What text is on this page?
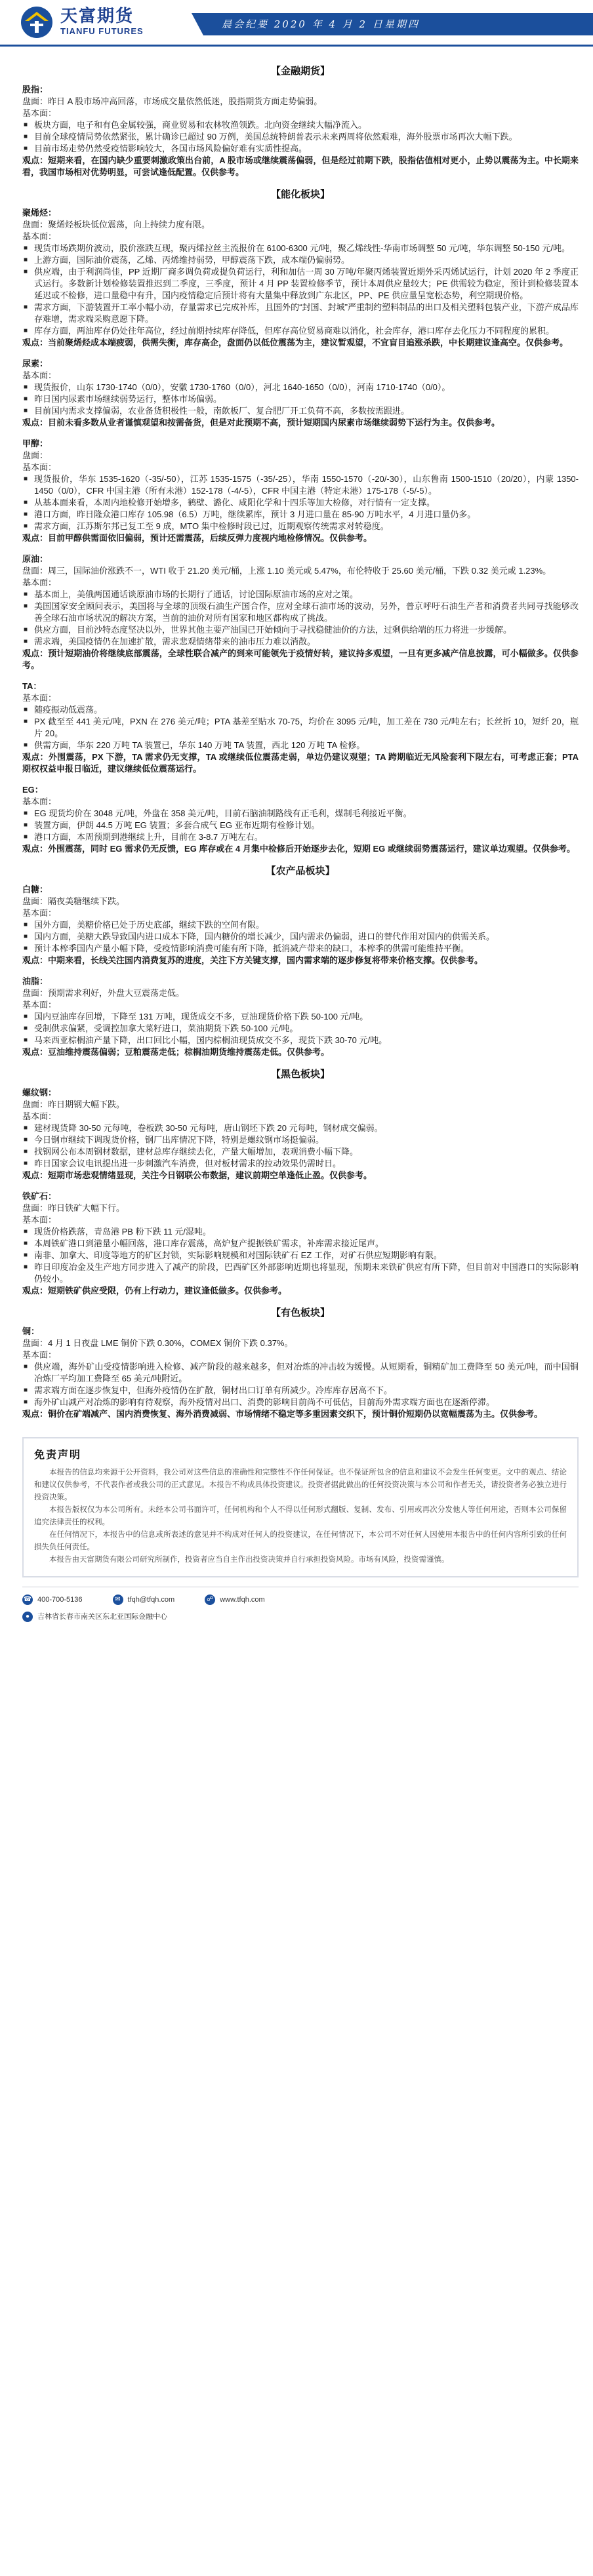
天富期货
TIANFU FUTURES
晨会纪要 2020 年 4 月 2 日星期四
【金融期货】
股指：
盘面：昨日 A 股市场冲高回落，市场成交量依然低迷，股指期货方面走势偏弱。
基本面：
■ 板块方面，电子和有色金属较强，商业贸易和农林牧渔领跌。北向资金继续大幅净流入。
■ 目前全球疫情局势依然紧张，累计确诊已超过 90 万例，美国总统特朗普表示未来两周将依然艰难，海外股票市场再次大幅下跌。
■ 目前市场走势仍然受疫情影响较大，各国市场风险偏好难有实质性提高。
观点：短期来看，在国内缺少重要刺激政策出台前，A 股市场或继续震荡偏弱，但是经过前期下跌，股指估值相对更小，止势以震荡为主。中长期来看，我国市场相对优势明显，可尝试逢低配置。仅供参考。
【能化板块】
聚烯烃：
盘面：聚烯烃板块低位震荡，向上持续力度有限。
基本面：
■ 现货市场跌期价波动，股价涨跌互现，聚丙烯拉丝主流报价在 6100-6300 元/吨，聚乙烯线性-华南市场调整 50 元/吨，华东调整 50-150 元/吨。
■ 上游方面，国际油价震荡，乙烯、丙烯维持弱势，甲醇震荡下跌，成本端仍偏弱势。
■ 供应端，由于利润尚佳，PP 近期厂商多调负荷或提负荷运行，利和加估一周 30 万吨/年聚丙烯装置近期外采丙烯试运行，计划 2020 年 2 季度正式运行。多数新计划检修装置推迟到二季度，三季度，预计 4 月 PP 装置检修季节，预计本周供应量较大；PE 供需较为稳定，预计到检修装置本延迟或不检修，进口量稳中有升，国内疫情稳定后预计将有大量集中释放到广东北区，PP、PE 供应量呈宽松态势，利空期现价格。
■ 需求方面，下游装置开工率小幅小动，存量需求已完成补库，且国外的“封国、封城”严重制约塑料制品的出口及相关塑料包装产业，下游产成品库存难增，需求端采购意愿下降。
■ 库存方面，两油库存仍处往年高位，经过前期持续库存降低，但库存高位贸易商难以消化，社会库存，港口库存去化压力不同程度的累积。
观点：当前聚烯烃成本端疲弱，供需失衡，库存高企，盘面仍以低位震荡为主，建议暂观望，不宜盲目追涨杀跌，中长期建议逢高空。仅供参考。
尿素：
基本面：
■ 现货报价，山东 1730-1740（0/0），安徽 1730-1760（0/0），河北 1640-1650（0/0），河南 1710-1740（0/0）。
■ 昨日国内尿素市场继续弱势运行，整体市场偏弱。
■ 目前国内需求支撑偏弱，农业备货积极性一般，南飲板厂、复合肥厂开工负荷不高，多数按需跟进。
观点：目前未看多数从业者谨慎观望和按需备货，但是对此预期不高，预计短期国内尿素市场继续弱势下运行为主。仅供参考。
甲醇：
盘面：
基本面：
■ 现货报价，华东 1535-1620（-35/-50），江苏 1535-1575（-35/-25），华南 1550-1570（-20/-30），山东鲁南 1500-1510（20/20），内蒙 1350-1450（0/0），CFR 中国主港（所有未港）152-178（-4/-5），CFR 中国主港（特定未港）175-178（-5/-5）。
■ 从基本面来看，本周内地检修开始增多，鹤壁、潞化、咸阳化学和十四乐等加大检修，对行情有一定支撑。
■ 港口方面，昨日隆众港口库存 105.98（6.5）万吨，继续累库，预计 3 月进口量在 85-90 万吨水平，4 月进口量仍多。
■ 需求方面，江苏斯尔邦已复工至 9 成，MTO 集中检修时段已过，近期观察传统需求对转稳度。
观点：目前甲醇供需面依旧偏弱，预计还需震荡，后续反弹力度视内地检修情况。仅供参考。
原油：
盘面：周三，国际油价涨跌不一，WTI 收于 21.20 美元/桶，上涨 1.10 美元或 5.47%，布伦特收于 25.60 美元/桶，下跌 0.32 美元或 1.23%。
基本面：
■ 基本面上，美俄两国通话谈原油市场的长期行了通话，讨论国际原油市场的应对之策。
■ 美国国家安全顾问表示，美国将与全球的顶级石油生产国合作，应对全球石油市场的波动，另外，普京呼吁石油生产者和消费者共同寻找能够改善全球石油市场状况的解决方案，当前的油价对所有国家和地区都构成了挑战。
■ 供应方面，目前沙特态度坚决以外，世界其他主要产油国已开始倾向于寻找稳健油价的方法，过剩供给端的压力将进一步缓解。
■ 需求端，美国疫情仍在加速扩散，需求悲观情绪带来的油市压力难以消散。
观点：预计短期油价将继续底部震荡，全球性联合减产的到来可能领先于疫情好转，建议持多观望，一旦有更多减产信息披露，可小幅做多。仅供参考。
TA：
基本面：
■ 随疫振动低震荡。
■ PX 截至至 441 美元/吨，PXN 在 276 美元/吨；PTA 基差至贴水 70-75，均价在 3095 元/吨，加工差在 730 元/吨左右；长丝折 10，短纤 20，瓶片 20。
■ 供需方面，华东 220 万吨 TA 装置已，华东 140 万吨 TA 装置，西北 120 万吨 TA 检修。
观点：外围震荡，PX 下游，TA 需求仍无支撑，TA 或继续低位震荡走弱，单边仍建议观望；TA 跨期临近无风险套利下限左右，可考虑正套；PTA 期权权益申报日临近，建议继续低位震荡运行。
EG：
基本面：
■ EG 现货均价在 3048 元/吨，外盘在 358 美元/吨，目前石脑油制路线有正毛利，煤制毛利接近平衡。
■ 装置方面，伊朗 44.5 万吨 EG 装置；多套合成气 EG 亚布近期有检修计划。
■ 港口方面，本周预期到港继续上升，目前在 3-8.7 万吨左右。
观点：外围震荡，同时 EG 需求仍无反馈，EG 库存或在 4 月集中检修后开始逐步去化，短期 EG 或继续弱势震荡运行，建议单边观望。仅供参考。
【农产品板块】
白糖：
盘面：隔夜美糖继续下跌。
基本面：
■ 国外方面，美糖价格已处于历史底部，继续下跌的空间有限。
■ 国内方面，美糖大跌导致国内进口成本下降，国内糖价的增长减少，国内需求仍偏弱，进口的替代作用对国内的供需关系。
■ 预计本榨季国内产量小幅下降，受疫情影响消费可能有所下降，抵消减产带来的缺口，本榨季的供需可能维持平衡。
观点：中期来看，长线关注国内消费复苏的进度，关注下方关键支撑，国内需求端的逐步修复将带来价格支撑。仅供参考。
油脂：
盘面：预期需求利好，外盘大豆震荡走低。
基本面：
■ 国内豆油库存回增，下降至 131 万吨，现货成交不多，豆油现货价格下跌 50-100 元/吨。
■ 受制供求偏紧，受调控加拿大菜籽进口，菜油期货下跌 50-100 元/吨。
■ 马来西亚棕榈油产量下降，出口回比小幅，国内棕榈油现货成交不多，现货下跌 30-70 元/吨。
观点：豆油维持震荡偏弱；豆粕震荡走低；棕榈油期货维持震荡走低。仅供参考。
【黑色板块】
螺纹钢：
盘面：昨日期钢大幅下跌。
基本面：
■ 建材现货降 30-50 元每吨，卷板跌 30-50 元每吨，唐山钢坯下跌 20 元每吨，钢材成交偏弱。
■ 今日钢市继续下调现货价格，钢厂出库情况下降，特别是螺纹钢市场挺偏弱。
■ 找钢网公布本周钢材数据，建材总库存继续去化，产量大幅增加，表观消费小幅下降。
■ 昨日国家会议电讯提出进一步刺激汽车消费，但对板材需求的拉动效果仍需时日。
观点：短期市场悲观情绪显现，关注今日钢联公布数据，建议前期空单逢低止盈。仅供参考。
铁矿石：
盘面：昨日铁矿大幅下行。
基本面：
■ 现货价格跌落，青岛港 PB 粉下跌 11 元/湿吨。
■ 本周铁矿港口到港量小幅回落，港口库存震荡，高炉复产提振铁矿需求，补库需求接近尾声。
■ 南非、加拿大、印度等地方的矿区封锁，实际影响规模和对国际铁矿石 EZ 工作，对矿石供应短期影响有限。
■ 昨日印度冶金及生产地方同步进入了减产的阶段，巴西矿区外部影响近期也将显现，预期未来铁矿供应有所下降，但目前对中国港口的实际影响仍较小。
观点：短期铁矿供应受限，仍有上行动力，建议逢低做多。仅供参考。
【有色板块】
铜：
盘面：4 月 1 日夜盘 LME 铜价下跌 0.30%，COMEX 铜价下跌 0.37%。
基本面：
■ 供应端，海外矿山受疫情影响进入检修、减产阶段的越来越多，但对冶炼的冲击较为缓慢。从短期看，铜精矿加工费降至 50 美元/吨，而中国铜冶炼厂平均加工费降至 65 美元/吨附近。
■ 需求端方面在逐步恢复中，但海外疫情仍在扩散，铜材出口订单有所减少。冷库库存居高不下。
■ 海外矿山减产对冶炼的影响有待观察，海外疫情对出口、消费的影响目前尚不可低估，目前海外需求端方面也在逐渐停滞。
观点：铜价在矿端减产、国内消费恢复、海外消费减弱、市场情绪不稳定等多重因素交织下，预计铜价短期仍以宽幅震荡为主。仅供参考。
免责声明

本报告的信息均来源于公开资料，我公司对这些信息的准确性和完整性不作任何保证。也不保证所包含的信息和建议不会发生任何变更。文中的观点、结论和建议仅供参考，不代表作者或我公司的正式意见。本报告不构成具体投资建议。投资者据此做出的任何投资决策与本公司和作者无关，请投资者务必独立进行投资决策。

本报告版权仅为本公司所有。未经本公司书面许可，任何机构和个人不得以任何形式翻版、复制、发布、引用或再次分发他人等任何用途，否则本公司保留追究法律责任的权利。

在任何情况下，本报告中的信息或所表述的意见并不构成对任何人的投资建议，在任何情况下，本公司不对任何人因使用本报告中的任何内容所引致的任何损失负任何责任。

本报告由天富期货有限公司研究所制作，投资者应当自主作出投资决策并自行承担投资风险。市场有风险，投资需谨慎。

☎ 400-700-5136	✉ tfqh@tfqh.com	☍ www.tfqh.com
●	吉林省长春市南关区东北亚国际金融中心
